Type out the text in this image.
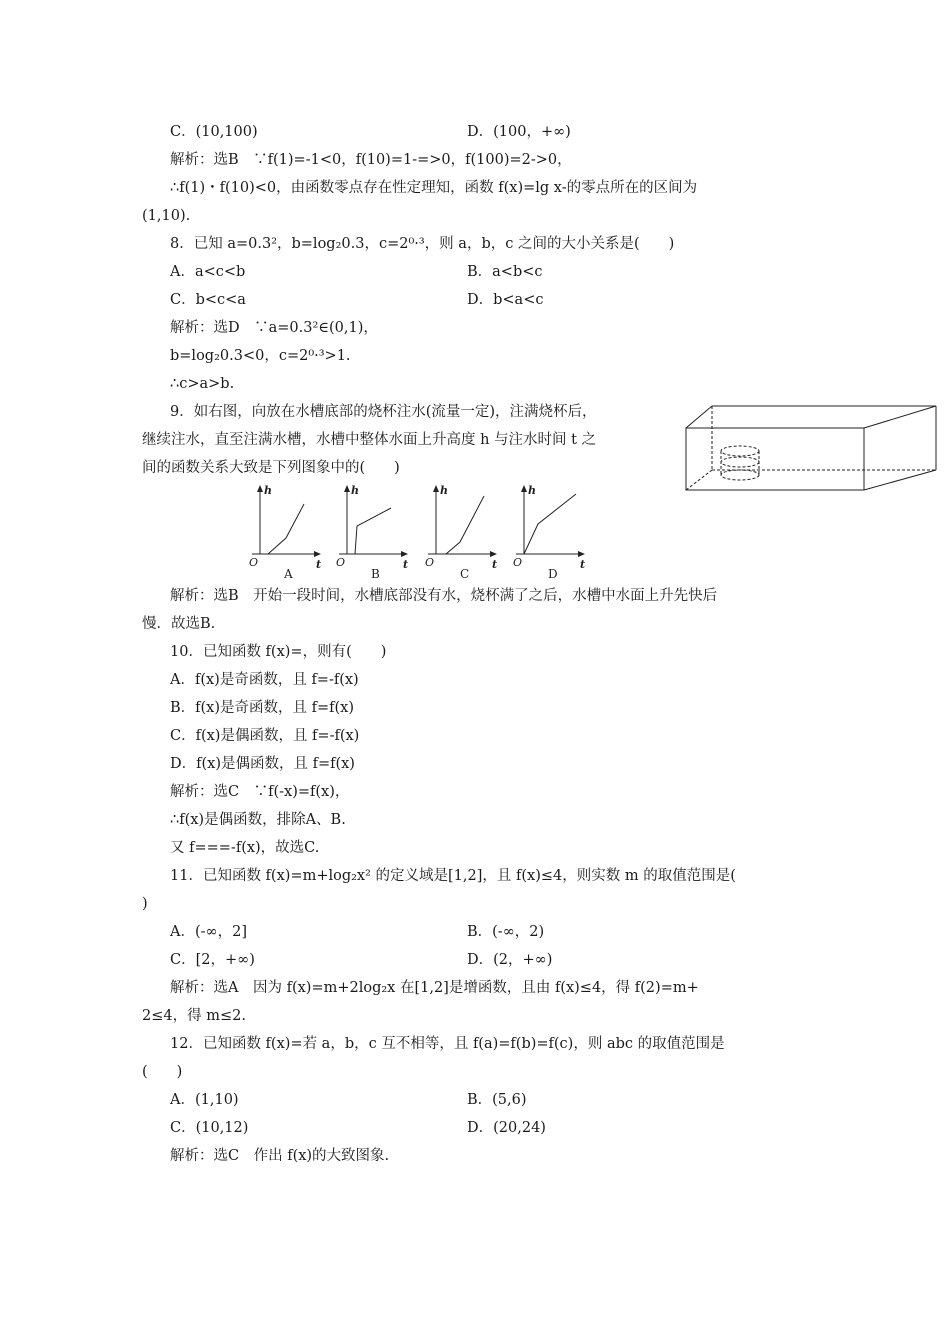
C．(10,100)	D．(100，+∞)
解析：选B　∵f(1)=-1<0，f(10)=1-=>0，f(100)=2->0，
∴f(1)・f(10)<0，由函数零点存在性定理知，函数 f(x)=lg x-的零点所在的区间为
(1,10).
8．已知 a=0.3²，b=log₂0.3，c=2⁰·³，则 a，b，c 之间的大小关系是(　　)
A．a<c<b	B．a<b<c
C．b<c<a	D．b<a<c
解析：选D　∵a=0.3²∈(0,1)，
b=log₂0.3<0，c=2⁰·³>1.
∴c>a>b.
9．如右图，向放在水槽底部的烧杯注水(流量一定)，注满烧杯后，
继续注水，直至注满水槽，水槽中整体水面上升高度 h 与注水时间 t 之
间的函数关系大致是下列图象中的(　　)
h
t
O
A
h
t
O
B
h
t
O
C
h
t
O
D
解析：选B　开始一段时间，水槽底部没有水，烧杯满了之后，水槽中水面上升先快后
慢．故选B.
10．已知函数 f(x)=，则有(　　)
A．f(x)是奇函数，且 f=-f(x)
B．f(x)是奇函数，且 f=f(x)
C．f(x)是偶函数，且 f=-f(x)
D．f(x)是偶函数，且 f=f(x)
解析：选C　∵f(-x)=f(x)，
∴f(x)是偶函数，排除A、B.
又 f===-f(x)，故选C.
11．已知函数 f(x)=m+log₂x² 的定义域是[1,2]，且 f(x)≤4，则实数 m 的取值范围是(
)
A．(-∞，2]	B．(-∞，2)
C．[2，+∞)	D．(2，+∞)
解析：选A　因为 f(x)=m+2log₂x 在[1,2]是增函数，且由 f(x)≤4，得 f(2)=m+
2≤4，得 m≤2.
12．已知函数 f(x)=若 a，b，c 互不相等，且 f(a)=f(b)=f(c)，则 abc 的取值范围是
(　　)
A．(1,10)	B．(5,6)
C．(10,12)	D．(20,24)
解析：选C　作出 f(x)的大致图象.
